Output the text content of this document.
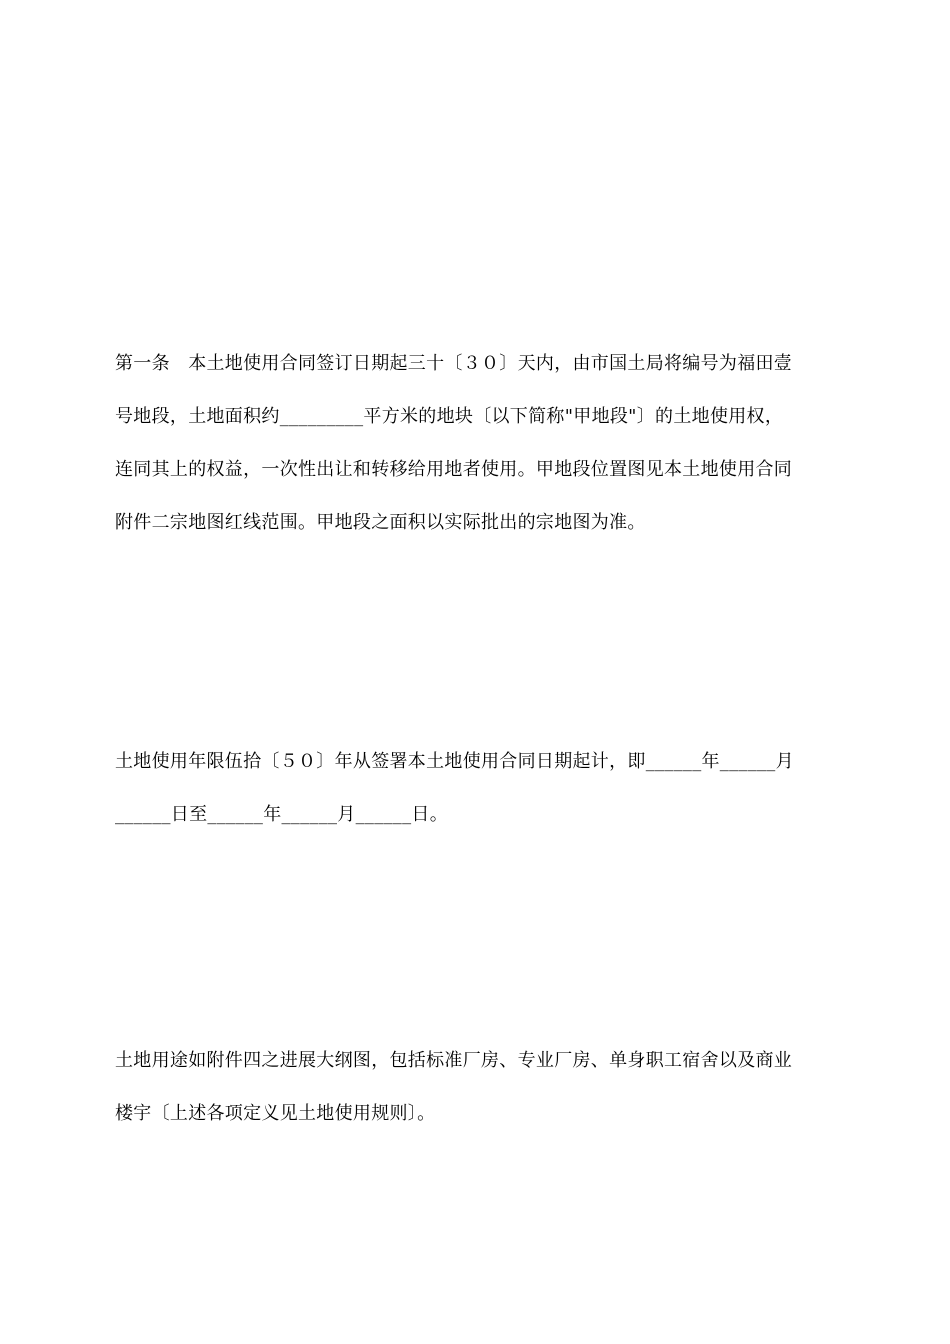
第一条　本土地使用合同签订日期起三十〔３０〕天内，由市国土局将编号为福田壹
号地段，土地面积约_________平方米的地块〔以下简称"甲地段"〕的土地使用权，
连同其上的权益，一次性出让和转移给用地者使用。甲地段位置图见本土地使用合同
附件二宗地图红线范围。甲地段之面积以实际批出的宗地图为准。
土地使用年限伍拾〔５０〕年从签署本土地使用合同日期起计，即______年______月
______日至______年______月______日。
土地用途如附件四之进展大纲图，包括标准厂房、专业厂房、单身职工宿舍以及商业
楼宇〔上述各项定义见土地使用规则〕。
